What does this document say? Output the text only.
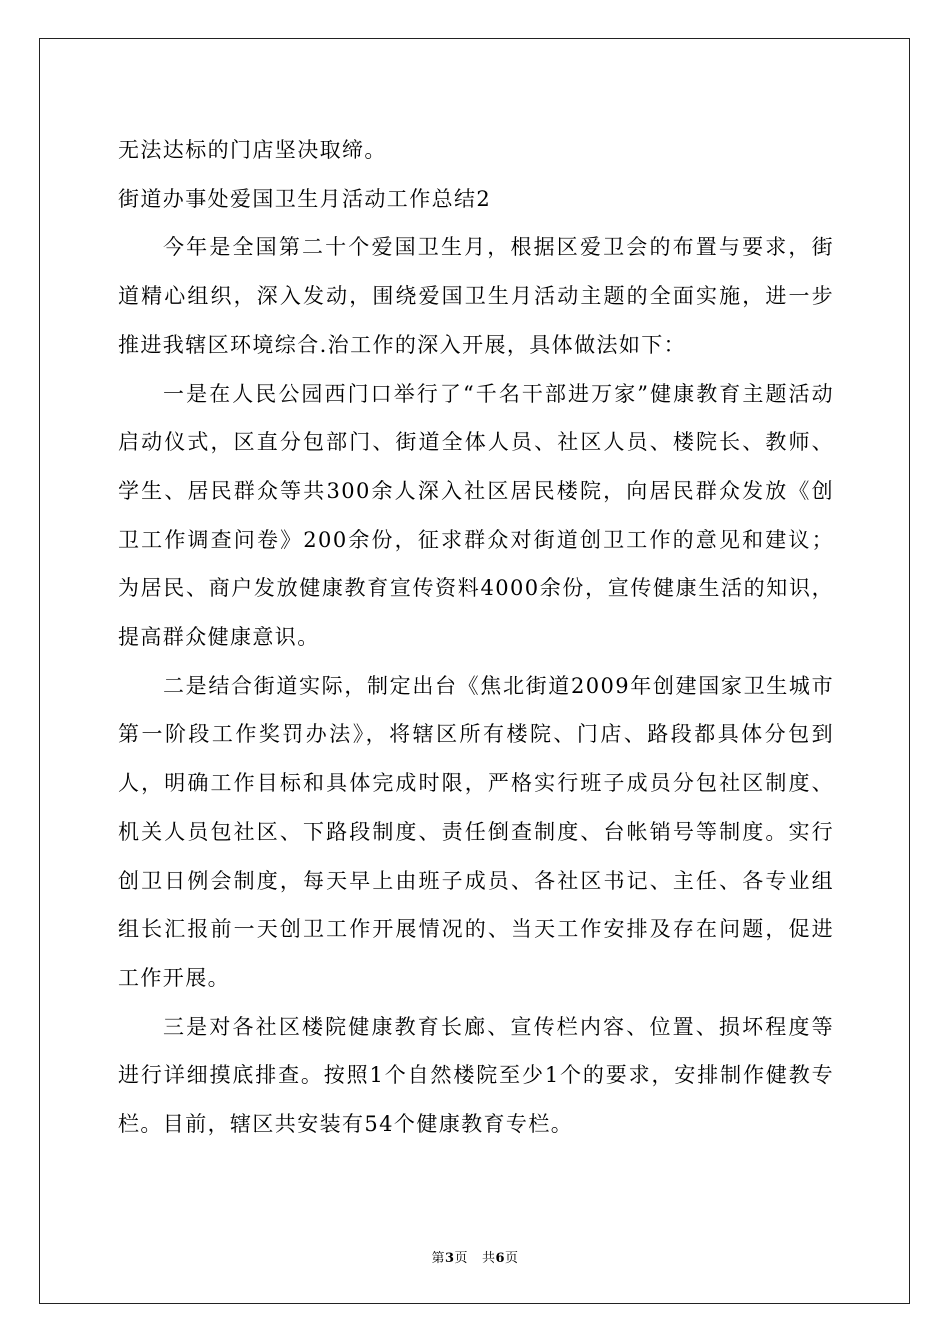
无法达标的门店坚决取缔。

街道办事处爱国卫生月活动工作总结2

今年是全国第二十个爱国卫生月，根据区爱卫会的布置与要求，街道精心组织，深入发动，围绕爱国卫生月活动主题的全面实施，进一步推进我辖区环境综合.治工作的深入开展，具体做法如下：

一是在人民公园西门口举行了“千名干部进万家”健康教育主题活动启动仪式，区直分包部门、街道全体人员、社区人员、楼院长、教师、学生、居民群众等共300余人深入社区居民楼院，向居民群众发放《创卫工作调查问卷》200余份，征求群众对街道创卫工作的意见和建议；为居民、商户发放健康教育宣传资料4000余份，宣传健康生活的知识，提高群众健康意识。

二是结合街道实际，制定出台《焦北街道2009年创建国家卫生城市第一阶段工作奖罚办法》，将辖区所有楼院、门店、路段都具体分包到人，明确工作目标和具体完成时限，严格实行班子成员分包社区制度、机关人员包社区、下路段制度、责任倒查制度、台帐销号等制度。实行创卫日例会制度，每天早上由班子成员、各社区书记、主任、各专业组组长汇报前一天创卫工作开展情况的、当天工作安排及存在问题，促进工作开展。

三是对各社区楼院健康教育长廊、宣传栏内容、位置、损坏程度等进行详细摸底排查。按照1个自然楼院至少1个的要求，安排制作健教专栏。目前，辖区共安装有54个健康教育专栏。

第3页 共6页
